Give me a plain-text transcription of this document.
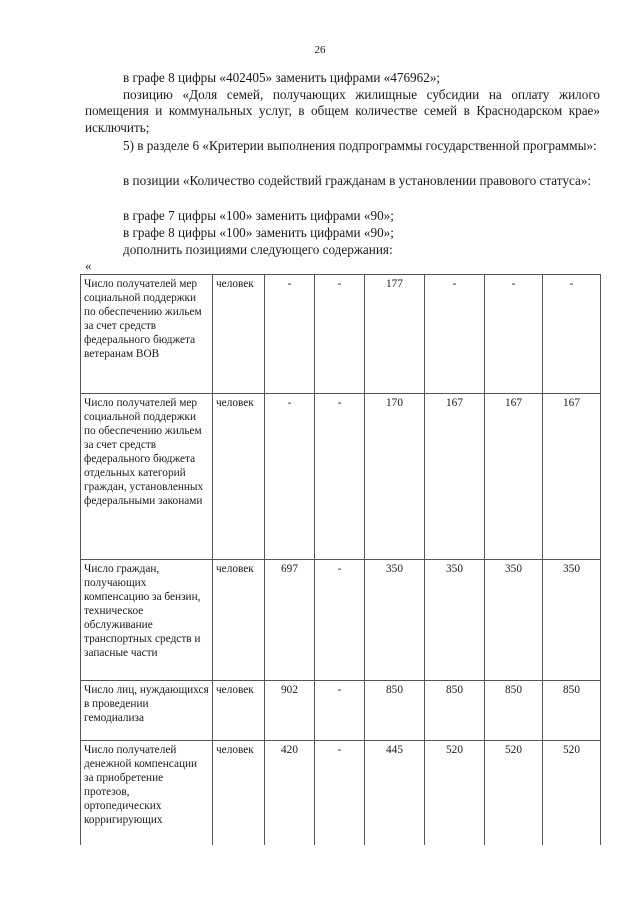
26
в графе 8 цифры «402405» заменить цифрами «476962»;
позицию «Доля семей, получающих жилищные субсидии на оплату жилого помещения и коммунальных услуг, в общем количестве семей в Краснодарском крае» исключить;
5) в разделе 6 «Критерии выполнения подпрограммы государственной программы»:
в позиции «Количество содействий гражданам в установлении правового статуса»:
в графе 7 цифры «100» заменить цифрами «90»;
в графе 8 цифры «100» заменить цифрами «90»;
дополнить позициями следующего содержания:
«
Число получателей мер социальной поддержки по обеспечению жильем за счет средств федерального бюджета ветеранам ВОВ	человек	-	-	177	-	-	-
Число получателей мер социальной поддержки по обеспечению жильем за счет средств федерального бюджета отдельных категорий граждан, установленных федеральными законами	человек	-	-	170	167	167	167
Число граждан, получающих компенсацию за бензин, техническое обслуживание транспортных средств и запасные части	человек	697	-	350	350	350	350
Число лиц, нуждающихся в проведении гемодиализа	человек	902	-	850	850	850	850
Число получателей денежной компенсации за приобретение протезов, ортопедических корригирующих	человек	420	-	445	520	520	520
